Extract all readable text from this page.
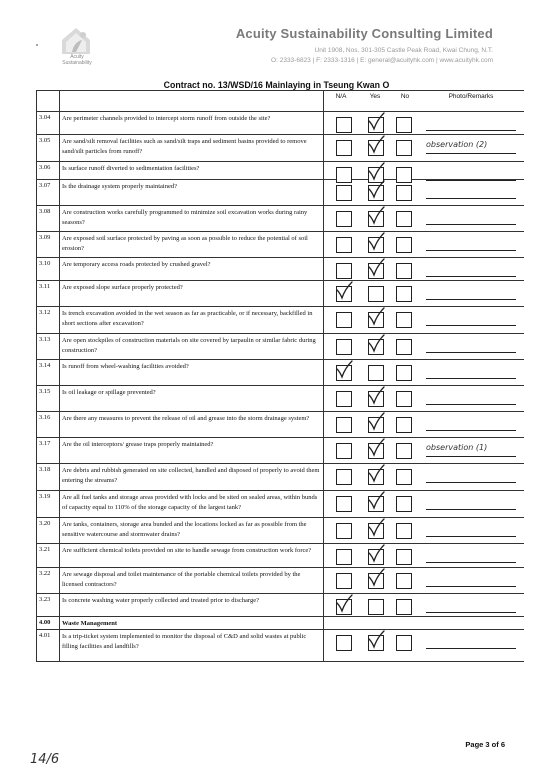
Acuity
Sustainability
Acuity Sustainability Consulting Limited
Unit 1908, Nos. 301-305 Castle Peak Road, Kwai Chung, N.T.
O: 2333-6823 | F: 2333-1316 | E: general@acuityhk.com | www.acuityhk.com
Contract no. 13/WSD/16 Mainlaying in Tseung Kwan O
		N/A	Yes	No	Photo/Remarks
3.04	Are perimeter channels provided to intercept storm runoff from outside the site?	

3.05	Are sand/silt removal facilities such as sand/silt traps and sediment basins provided to remove sand/silt particles from runoff?				observation (2)

3.06	Is surface runoff diverted to sedimentation facilities?	

3.07	Is the drainage system properly maintained?	

3.08	Are construction works carefully programmed to minimize soil excavation works during rainy seasons?	

3.09	Are exposed soil surface protected by paving as soon as possible to reduce the potential of soil erosion?	

3.10	Are temporary access roads protected by crushed gravel?	

3.11	Are exposed slope surface properly protected?	

3.12	Is trench excavation avoided in the wet season as far as practicable, or if necessary, backfilled in short sections after excavation?	

3.13	Are open stockpiles of construction materials on site covered by tarpaulin or similar fabric during construction?	

3.14	Is runoff from wheel-washing facilities avoided?	

3.15	Is oil leakage or spillage prevented?	

3.16	Are there any measures to prevent the release of oil and grease into the storm drainage system?	

3.17	Are the oil interceptors/ grease traps properly maintained?				observation (1)

3.18	Are debris and rubbish generated on site collected, handled and disposed of properly to avoid them entering the streams?	

3.19	Are all fuel tanks and storage areas provided with locks and be sited on sealed areas, within bunds of capacity equal to 110% of the storage capacity of the largest tank?	

3.20	Are tanks, containers, storage area bunded and the locations locked as far as possible from the sensitive watercourse and stormwater drains?	

3.21	Are sufficient chemical toilets provided on site to handle sewage from construction work force?	

3.22	Are sewage disposal and toilet maintenance of the portable chemical toilets provided by the licensed contractors?	

3.23	Is concrete washing water properly collected and treated prior to discharge?	

4.00	Waste Management				
4.01	Is a trip-ticket system implemented to monitor the disposal of C&D and solid wastes at public filling facilities and landfills?	

Page 3 of 6
14/6
